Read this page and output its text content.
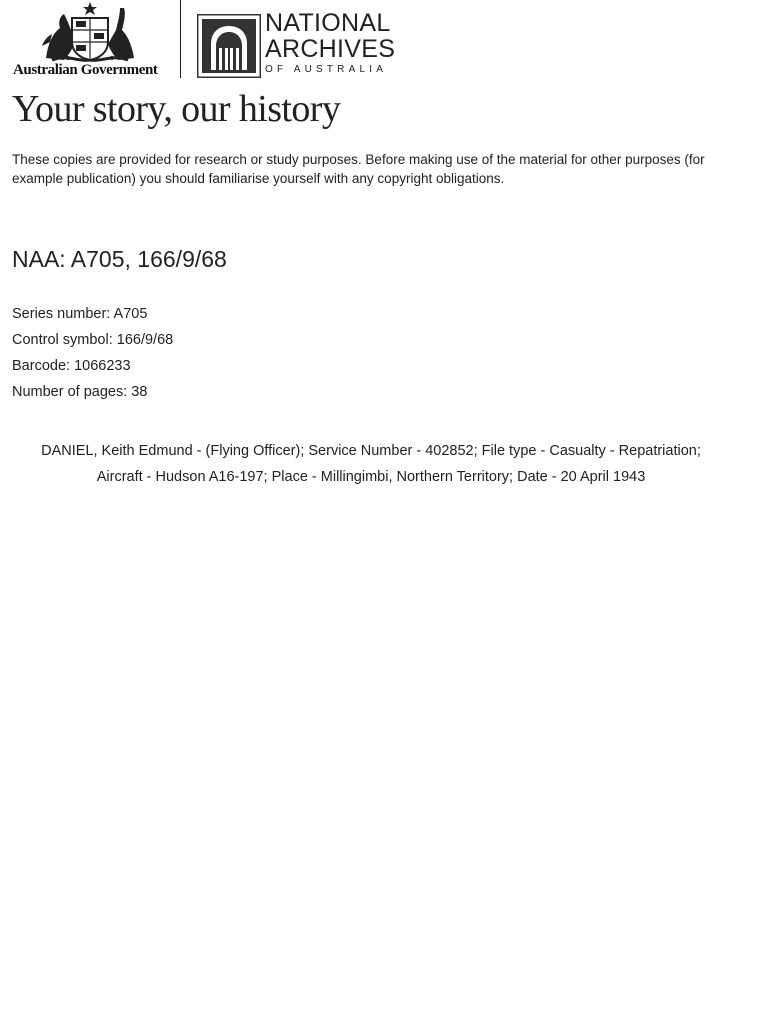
Australian Government
NATIONAL
ARCHIVES
OF AUSTRALIA
Your story, our history
These copies are provided for research or study purposes. Before making use of the material for other purposes (for example publication) you should familiarise yourself with any copyright obligations.
NAA: A705, 166/9/68
Series number: A705
Control symbol: 166/9/68
Barcode: 1066233
Number of pages: 38
DANIEL, Keith Edmund - (Flying Officer); Service Number - 402852; File type - Casualty - Repatriation;
Aircraft - Hudson A16-197; Place - Millingimbi, Northern Territory; Date - 20 April 1943
